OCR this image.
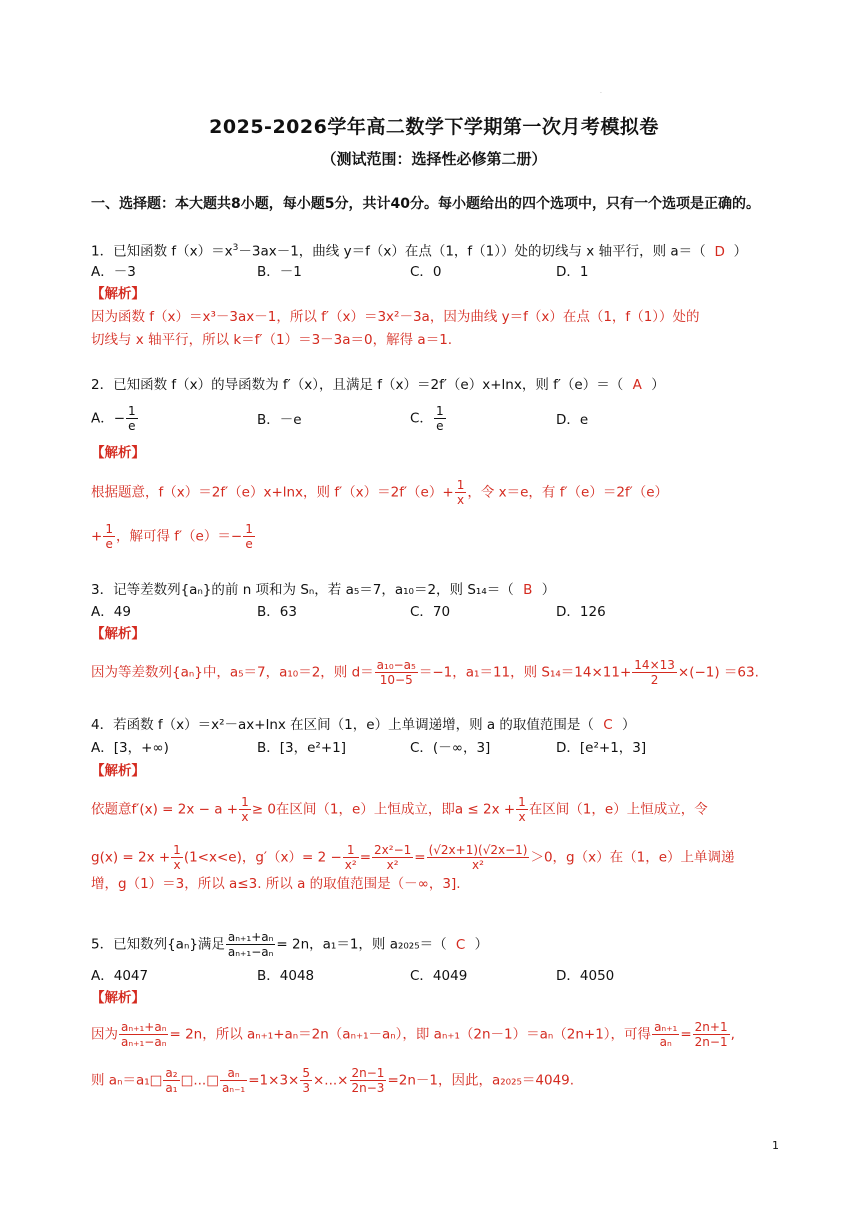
·
2025-2026学年高二数学下学期第一次月考模拟卷
（测试范围：选择性必修第二册）
一、选择题：本大题共8小题，每小题5分，共计40分。每小题给出的四个选项中，只有一个选项是正确的。
1．已知函数 $f(x)=x^3-3ax-1$，曲线 y＝f（x）在点（1，f（1））处的切线与 x 轴平行，则 a＝（ D ）
A．－3	B．－1	C．0	D．1
【解析】
因为函数 f（x）＝x³－3ax－1，所以 f′（x）＝3x²－3a，因为曲线 y＝f（x）在点（1，f（1））处的
切线与 x 轴平行，所以 k＝f′（1）＝3－3a＝0，解得 a＝1.
2．已知函数 f（x）的导函数为 f′（x），且满足 f（x）＝2f′（e）x+lnx，则 f′（e）＝（ A ）
A．− $\frac{1}{e}$	B．－e	C． $\frac{1}{e}$	D．e
【解析】
根据题意，f（x）＝2f′（e）x+lnx，则 $f'(x)=2f'(e)+ \frac{1}{x}$ ，令 x＝e，有 f′（e）＝2f′（e）
+ $\frac{1}{e}$ ，解可得 $f'(e)=- \frac{1}{e}$
3．记等差数列{aₙ}的前 n 项和为 Sₙ，若 a₅＝7，a₁₀＝2，则 S₁₄＝（ B ）
A．49	B．63	C．70	D．126
【解析】
因为等差数列{aₙ}中，a₅＝7，a₁₀＝2，则 $d= \frac{\text{a₁₀−a₅}}{10-5} =-1$，a₁＝11，则 $S_{14}=14\times 11+ \frac{14\times 13}{2} \times(-1) =63$.
4．若函数 f（x）＝x²－ax+lnx 在区间（1，e）上单调递增，则 a 的取值范围是（ C ）
A．[3，+∞)	B．[3，e²+1]	C．(－∞，3]	D．[e²+1，3]
【解析】
依题意$f'(x) = 2x - a + \frac{1}{x} \ge 0$在区间（1，e）上恒成立，即$a \le 2x + \frac{1}{x}$ 在区间（1，e）上恒成立，令
$g(x) = 2x + \frac{1}{x} (1<x<e)$，$g'(x)= 2 - \frac{1}{\text{x²}} = \frac{\text{2x²−1}}{\text{x²}} = \frac{(√2x+1)(√2x-1)}{\text{x²}} >0$，g（x）在（1，e）上单调递
增，g（1）＝3，所以 a≤3. 所以 a 的取值范围是（－∞，3].
5．已知数列{aₙ}满足 $\frac{\text{aₙ₊₁+aₙ}}{\text{aₙ₊₁−aₙ}} = 2n$，a₁＝1，则 a₂₀₂₅＝（ C ）
A．4047	B．4048	C．4049	D．4050
【解析】
因为 $\frac{\text{aₙ₊₁+aₙ}}{\text{aₙ₊₁−aₙ}} = 2n$，所以 aₙ₊₁+aₙ＝2n（aₙ₊₁－aₙ），即 aₙ₊₁（2n－1）＝aₙ（2n+1），可得 $\frac{\text{aₙ₊₁}}{\text{aₙ}} = \frac{2n+1}{2n-1}$ ,
则 aₙ＝a₁□ $\frac{\text{a₂}}{\text{a₁}}$ □...□ $\frac{\text{aₙ}}{\text{aₙ₋₁}} =1\times 3\times \frac{5}{3}$ ×...× $\frac{2n-1}{2n-3} =2n-1$，因此，a₂₀₂₅＝4049.
1
